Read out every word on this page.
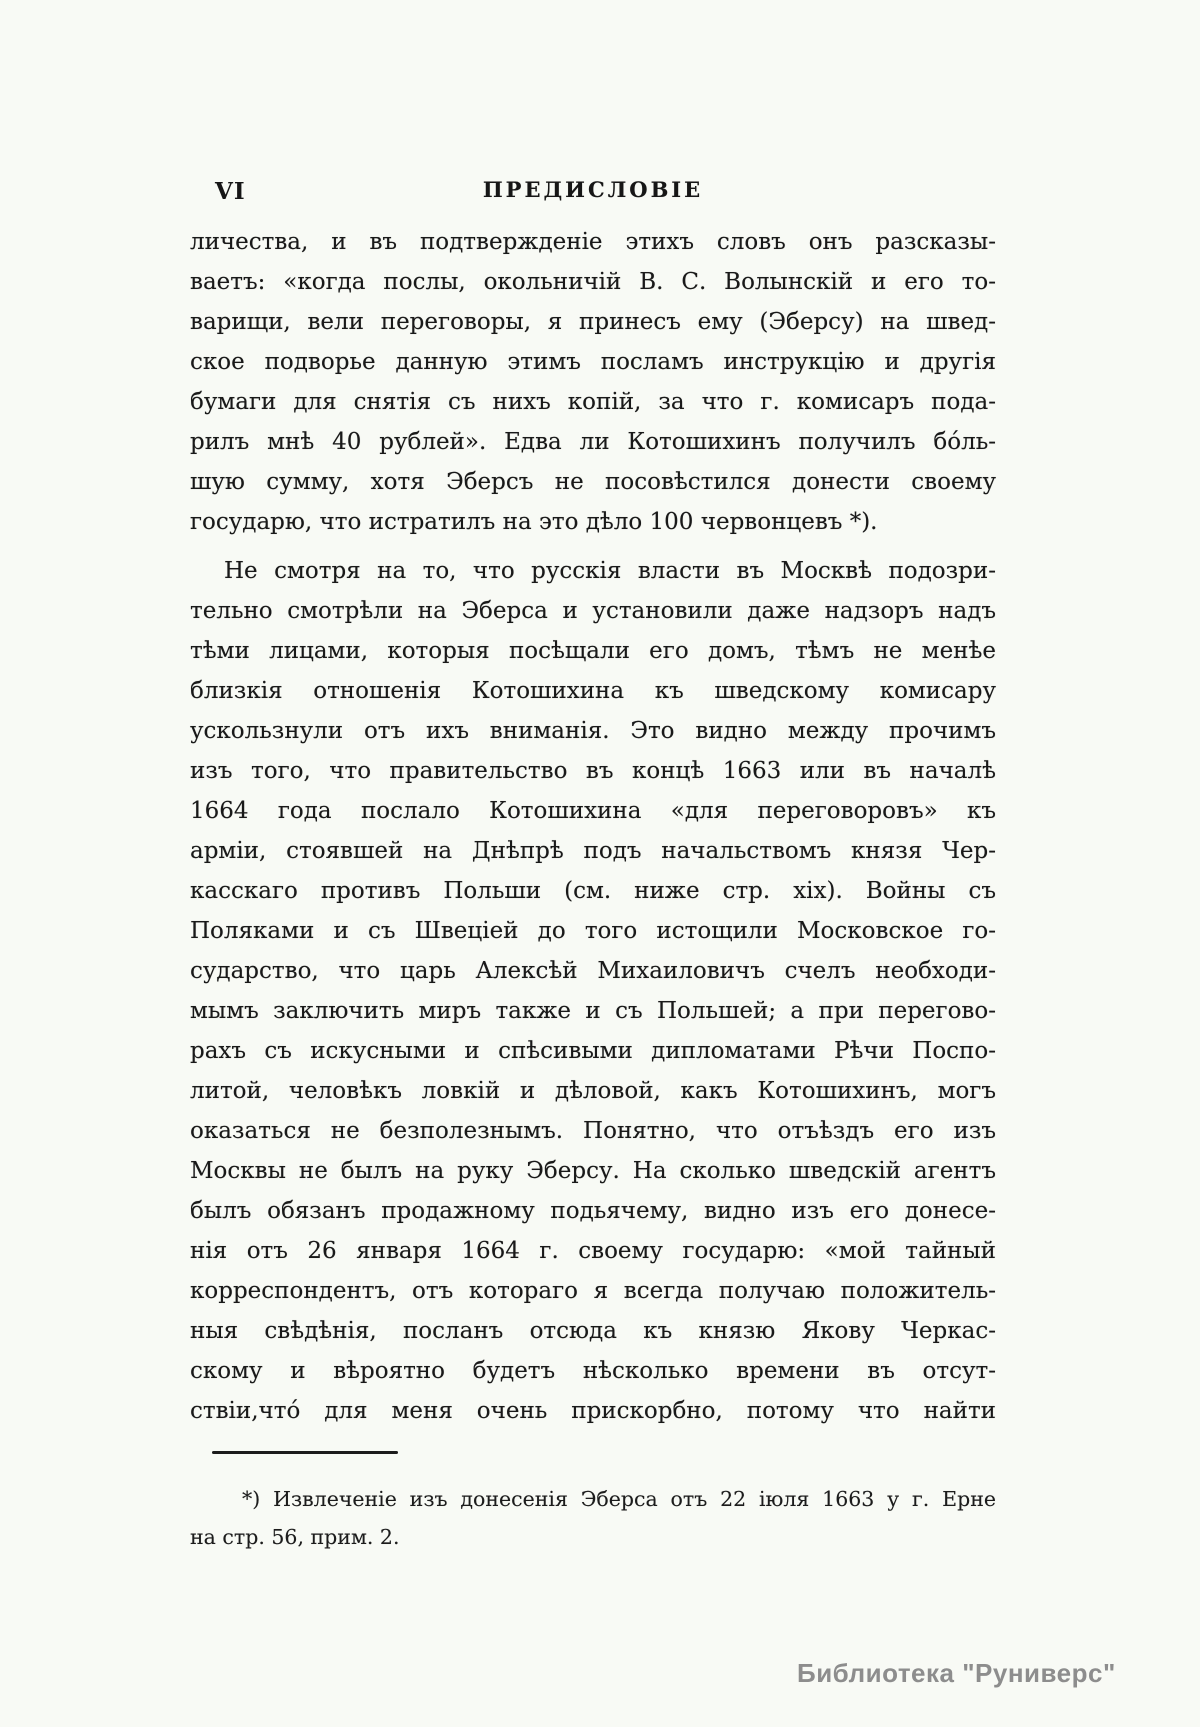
VI	ПРЕДИСЛОВІЕ
личества, и въ подтвержденіе этихъ словъ онъ разсказы-
ваетъ: «когда послы, окольничій В. С. Волынскій и его то-
варищи, вели переговоры, я принесъ ему (Эберсу) на швед-
ское подворье данную этимъ посламъ инструкцію и другія
бумаги для снятія съ нихъ копій, за что г. комисаръ пода-
рилъ мнѣ 40 рублей». Едва ли Котошихинъ получилъ бо́ль-
шую сумму, хотя Эберсъ не посовѣстился донести своему
государю, что истратилъ на это дѣло 100 червонцевъ *).
Не смотря на то, что русскія власти въ Москвѣ подозри-
тельно смотрѣли на Эберса и установили даже надзоръ надъ
тѣми лицами, которыя посѣщали его домъ, тѣмъ не менѣе
близкія отношенія Котошихина къ шведскому комисару
ускользнули отъ ихъ вниманія. Это видно между прочимъ
изъ того, что правительство въ концѣ 1663 или въ началѣ
1664 года послало Котошихина «для переговоровъ» къ
арміи, стоявшей на Днѣпрѣ подъ начальствомъ князя Чер-
касскаго противъ Польши (см. ниже стр. xix). Войны съ
Поляками и съ Швеціей до того истощили Московское го-
сударство, что царь Алексѣй Михаиловичъ счелъ необходи-
мымъ заключить миръ также и съ Польшей; а при перегово-
рахъ съ искусными и спѣсивыми дипломатами Рѣчи Поспо-
литой, человѣкъ ловкій и дѣловой, какъ Котошихинъ, могъ
оказаться не безполезнымъ. Понятно, что отъѣздъ его изъ
Москвы не былъ на руку Эберсу. На сколько шведскій агентъ
былъ обязанъ продажному подьячему, видно изъ его донесе-
нія отъ 26 января 1664 г. своему государю: «мой тайный
корреспондентъ, отъ котораго я всегда получаю положитель-
ныя свѣдѣнія, посланъ отсюда къ князю Якову Черкас-
скому и вѣроятно будетъ нѣсколько времени въ отсут-
ствіи,что́ для меня очень прискорбно, потому что найти
*) Извлеченіе изъ донесенія Эберса отъ 22 іюля 1663 у г. Ерне
на стр. 56, прим. 2.
Библиотека "Руниверс"
